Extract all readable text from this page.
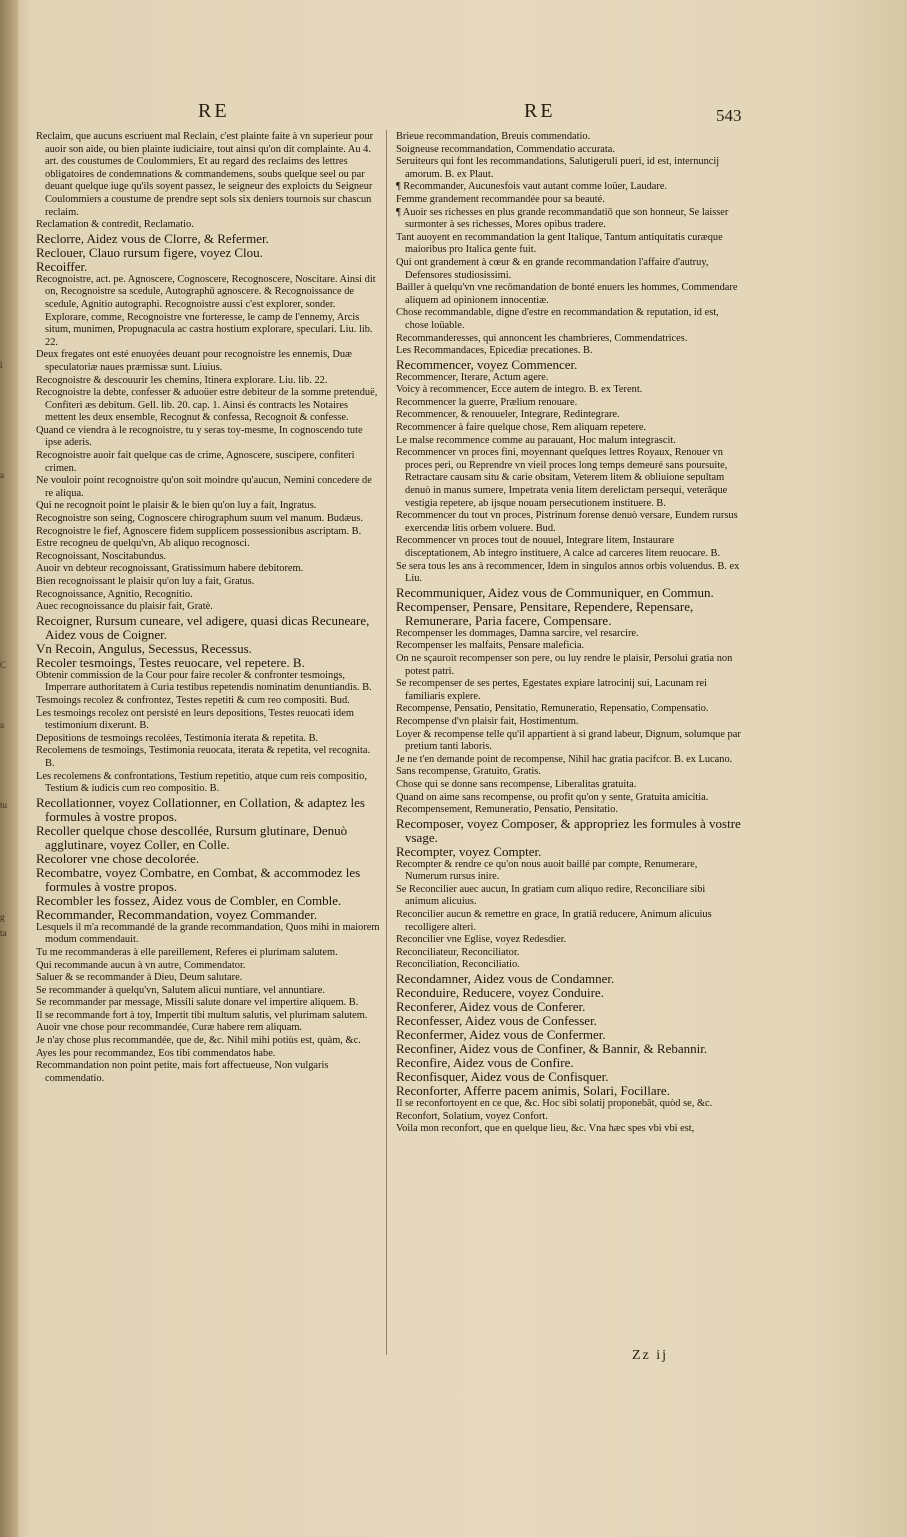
l
a
C
a
tu
g
ta
RE	RE	543

Reclaim, que aucuns escriuent mal Reclain, c'est plainte faite à vn superieur pour auoir son aide, ou bien plainte iudiciaire, tout ainsi qu'on dit complainte. Au 4. art. des coustumes de Coulommiers, Et au regard des reclaims des lettres obligatoires de condemnations & commandemens, soubs quelque seel ou par deuant quelque iuge qu'ils soyent passez, le seigneur des exploicts du Seigneur Coulommiers a coustume de prendre sept sols six deniers tournois sur chascun reclaim.

Reclamation & contredit, Reclamatio.

Reclorre, Aidez vous de Clorre, & Refermer.

Reclouer, Clauo rursum figere, voyez Clou.

Recoiffer.

Recognoistre, act. pe. Agnoscere, Cognoscere, Recognoscere, Noscitare. Ainsi dit on, Recognoistre sa scedule, Autographū agnoscere. & Recognoissance de scedule, Agnitio autographi. Recognoistre aussi c'est explorer, sonder. Explorare, comme, Recognoistre vne forteresse, le camp de l'ennemy, Arcis situm, munimen, Propugnacula ac castra hostium explorare, speculari. Liu. lib. 22.

Deux fregates ont esté enuoyées deuant pour recognoistre les ennemis, Duæ speculatoriæ naues præmissæ sunt. Liuius.

Recognoistre & descouurir les chemins, Itinera explorare. Liu. lib. 22.

Recognoistre la debte, confesser & aduoüer estre debiteur de la somme pretenduë, Confiteri æs debitum. Gell. lib. 20. cap. 1. Ainsi és contracts les Notaires mettent les deux ensemble, Recognut & confessa, Recognoit & confesse.

Quand ce viendra à le recognoistre, tu y seras toy-mesme, In cognoscendo tute ipse aderis.

Recognoistre auoir fait quelque cas de crime, Agnoscere, suscipere, confiteri crimen.

Ne vouloir point recognoistre qu'on soit moindre qu'aucun, Nemini concedere de re aliqua.

Qui ne recognoit point le plaisir & le bien qu'on luy a fait, Ingratus.

Recognoistre son seing, Cognoscere chirographum suum vel manum. Budæus.

Recognoistre le fief, Agnoscere fidem supplicem possessionibus ascriptam. B.

Estre recogneu de quelqu'vn, Ab aliquo recognosci.

Recognoissant, Noscitabundus.

Auoir vn debteur recognoissant, Gratissimum habere debitorem.

Bien recognoissant le plaisir qu'on luy a fait, Gratus.

Recognoissance, Agnitio, Recognitio.

Auec recognoissance du plaisir fait, Gratè.

Recoigner, Rursum cuneare, vel adigere, quasi dicas Recuneare, Aidez vous de Coigner.

Vn Recoin, Angulus, Secessus, Recessus.

Recoler tesmoings, Testes reuocare, vel repetere. B.

Obtenir commission de la Cour pour faire recoler & confronter tesmoings, Imperrare authoritatem à Curia testibus repetendis nominatim denuntiandis. B.

Tesmoings recolez & confrontez, Testes repetiti & cum reo compositi. Bud.

Les tesmoings recolez ont persisté en leurs depositions, Testes reuocati idem testimonium dixerunt. B.

Depositions de tesmoings recolées, Testimonia iterata & repetita. B.

Recolemens de tesmoings, Testimonia reuocata, iterata & repetita, vel recognita. B.

Les recolemens & confrontations, Testium repetitio, atque cum reis compositio, Testium & iudicis cum reo compositio. B.

Recollationner, voyez Collationner, en Collation, & adaptez les formules à vostre propos.

Recoller quelque chose descollée, Rursum glutinare, Denuò agglutinare, voyez Coller, en Colle.

Recolorer vne chose decolorée.

Recombatre, voyez Combatre, en Combat, & accommodez les formules à vostre propos.

Recombler les fossez, Aidez vous de Combler, en Comble.

Recommander, Recommandation, voyez Commander.

Lesquels il m'a recommandé de la grande recommandation, Quos mihi in maiorem modum commendauit.

Tu me recommanderas à elle pareillement, Referes ei plurimam salutem.

Qui recommande aucun à vn autre, Commendator.

Saluer & se recommander à Dieu, Deum salutare.

Se recommander à quelqu'vn, Salutem alicui nuntiare, vel annuntiare.

Se recommander par message, Missili salute donare vel impertire aliquem. B.

Il se recommande fort à toy, Impertit tibi multum salutis, vel plurimam salutem.

Auoir vne chose pour recommandée, Curæ habere rem aliquam.

Je n'ay chose plus recommandée, que de, &c. Nihil mihi potiùs est, quàm, &c.

Ayes les pour recommandez, Eos tibi commendatos habe.

Recommandation non point petite, mais fort affectueuse, Non vulgaris commendatio.

Brieue recommandation, Breuis commendatio.

Soigneuse recommandation, Commendatio accurata.

Seruiteurs qui font les recommandations, Salutigeruli pueri, id est, internuncij amorum. B. ex Plaut.

¶ Recommander, Aucunesfois vaut autant comme loüer, Laudare.

Femme grandement recommandée pour sa beauté.

¶ Auoir ses richesses en plus grande recommandatiō que son honneur, Se laisser surmonter à ses richesses, Mores opibus tradere.

Tant auoyent en recommandation la gent Italique, Tantum antiquitatis curæque maioribus pro Italica gente fuit.

Qui ont grandement à cœur & en grande recommandation l'affaire d'autruy, Defensores studiosissimi.

Bailler à quelqu'vn vne recōmandation de bonté enuers les hommes, Commendare aliquem ad opinionem innocentiæ.

Chose recommandable, digne d'estre en recommandation & reputation, id est, chose loüable.

Recommanderesses, qui annoncent les chambrieres, Commendatrices.

Les Recommandaces, Epicediæ precationes. B.

Recommencer, voyez Commencer.

Recommencer, Iterare, Actum agere.

Voicy à recommencer, Ecce autem de integro. B. ex Terent.

Recommencer la guerre, Prælium renouare.

Recommencer, & renouueler, Integrare, Redintegrare.

Recommencer à faire quelque chose, Rem aliquam repetere.

Le malse recommence comme au parauant, Hoc malum integrascit.

Recommencer vn proces fini, moyennant quelques lettres Royaux, Renouer vn proces peri, ou Reprendre vn vieil proces long temps demeuré sans poursuite, Retractare causam situ & carie obsitam, Veterem litem & obliuione sepultam denuò in manus sumere, Impetrata venia litem derelictam persequi, veterāque vestigia repetere, ab ijsque nouam persecutionem instituere. B.

Recommencer du tout vn proces, Pistrinum forense denuò versare, Eundem rursus exercendæ litis orbem voluere. Bud.

Recommencer vn proces tout de nouuel, Integrare litem, Instaurare disceptationem, Ab integro instituere, A calce ad carceres litem reuocare. B.

Se sera tous les ans à recommencer, Idem in singulos annos orbis voluendus. B. ex Liu.

Recommuniquer, Aidez vous de Communiquer, en Commun.

Recompenser, Pensare, Pensitare, Rependere, Repensare, Remunerare, Paria facere, Compensare.

Recompenser les dommages, Damna sarcire, vel resarcire.

Recompenser les malfaits, Pensare maleficia.

On ne sçauroit recompenser son pere, ou luy rendre le plaisir, Persolui gratia non potest patri.

Se recompenser de ses pertes, Egestates expiare latrocinij sui, Lacunam rei familiaris explere.

Recompense, Pensatio, Pensitatio, Remuneratio, Repensatio, Compensatio.

Recompense d'vn plaisir fait, Hostimentum.

Loyer & recompense telle qu'il appartient à si grand labeur, Dignum, solumque par pretium tanti laboris.

Je ne t'en demande point de recompense, Nihil hac gratia pacifcor. B. ex Lucano.

Sans recompense, Gratuito, Gratis.

Chose qui se donne sans recompense, Liberalitas gratuita.

Quand on aime sans recompense, ou profit qu'on y sente, Gratuita amicitia.

Recompensement, Remuneratio, Pensatio, Pensitatio.

Recomposer, voyez Composer, & appropriez les formules à vostre vsage.

Recompter, voyez Compter.

Recompter & rendre ce qu'on nous auoit baillé par compte, Renumerare, Numerum rursus inire.

Se Reconcilier auec aucun, In gratiam cum aliquo redire, Reconciliare sibi animum alicuius.

Reconcilier aucun & remettre en grace, In gratiā reducere, Animum alicuius recolligere alteri.

Reconcilier vne Eglise, voyez Redesdier.

Reconciliateur, Reconciliator.

Reconciliation, Reconciliatio.

Recondamner, Aidez vous de Condamner.

Reconduire, Reducere, voyez Conduire.

Reconferer, Aidez vous de Conferer.

Reconfesser, Aidez vous de Confesser.

Reconfermer, Aidez vous de Confermer.

Reconfiner, Aidez vous de Confiner, & Bannir, & Rebannir.

Reconfire, Aidez vous de Confire.

Reconfisquer, Aidez vous de Confisquer.

Reconforter, Afferre pacem animis, Solari, Focillare.

Il se reconfortoyent en ce que, &c. Hoc sibi solatij proponebāt, quòd se, &c.

Reconfort, Solatium, voyez Confort.

Voila mon reconfort, que en quelque lieu, &c. Vna hæc spes vbi vbi est,

Zz ij
